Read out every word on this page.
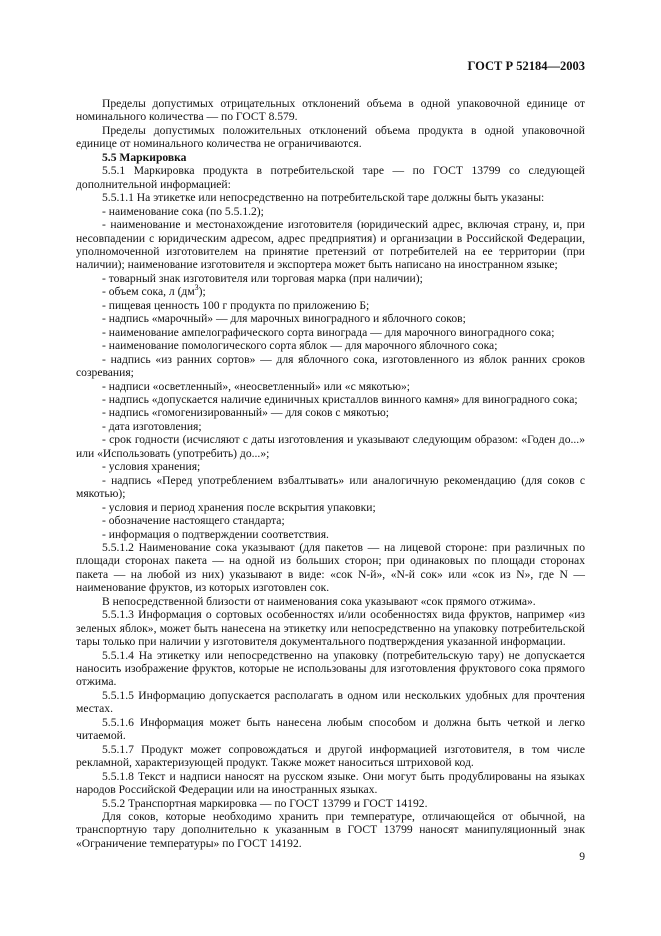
ГОСТ Р 52184—2003

Пределы допустимых отрицательных отклонений объема в одной упаковочной единице от номинального количества — по ГОСТ 8.579.

Пределы допустимых положительных отклонений объема продукта в одной упаковочной единице от номинального количества не ограничиваются.

5.5 Маркировка

5.5.1 Маркировка продукта в потребительской таре — по ГОСТ 13799 со следующей дополнительной информацией:

5.5.1.1 На этикетке или непосредственно на потребительской таре должны быть указаны:

- наименование сока (по 5.5.1.2);

- наименование и местонахождение изготовителя (юридический адрес, включая страну, и, при несовпадении с юридическим адресом, адрес предприятия) и организации в Российской Федерации, уполномоченной изготовителем на принятие претензий от потребителей на ее территории (при наличии); наименование изготовителя и экспортера может быть написано на иностранном языке;

- товарный знак изготовителя или торговая марка (при наличии);

- объем сока, л $(дм^3)$;

- пищевая ценность 100 г продукта по приложению Б;

- надпись «марочный» — для марочных виноградного и яблочного соков;

- наименование ампелографического сорта винограда — для марочного виноградного сока;

- наименование помологического сорта яблок — для марочного яблочного сока;

- надпись «из ранних сортов» — для яблочного сока, изготовленного из яблок ранних сроков созревания;

- надписи «осветленный», «неосветленный» или «с мякотью»;

- надпись «допускается наличие единичных кристаллов винного камня» для виноградного сока;

- надпись «гомогенизированный» — для соков с мякотью;

- дата изготовления;

- срок годности (исчисляют с даты изготовления и указывают следующим образом: «Годен до...» или «Использовать (употребить) до...»;

- условия хранения;

- надпись «Перед употреблением взбалтывать» или аналогичную рекомендацию (для соков с мякотью);

- условия и период хранения после вскрытия упаковки;

- обозначение настоящего стандарта;

- информация о подтверждении соответствия.

5.5.1.2 Наименование сока указывают (для пакетов — на лицевой стороне: при различных по площади сторонах пакета — на одной из больших сторон; при одинаковых по площади сторонах пакета — на любой из них) указывают в виде: «сок N-й», «N-й сок» или «сок из N», где N — наименование фруктов, из которых изготовлен сок.

В непосредственной близости от наименования сока указывают «сок прямого отжима».

5.5.1.3 Информация о сортовых особенностях и/или особенностях вида фруктов, например «из зеленых яблок», может быть нанесена на этикетку или непосредственно на упаковку потребительской тары только при наличии у изготовителя документального подтверждения указанной информации.

5.5.1.4 На этикетку или непосредственно на упаковку (потребительскую тару) не допускается наносить изображение фруктов, которые не использованы для изготовления фруктового сока прямого отжима.

5.5.1.5 Информацию допускается располагать в одном или нескольких удобных для прочтения местах.

5.5.1.6 Информация может быть нанесена любым способом и должна быть четкой и легко читаемой.

5.5.1.7 Продукт может сопровождаться и другой информацией изготовителя, в том числе рекламной, характеризующей продукт. Также может наноситься штриховой код.

5.5.1.8 Текст и надписи наносят на русском языке. Они могут быть продублированы на языках народов Российской Федерации или на иностранных языках.

5.5.2 Транспортная маркировка — по ГОСТ 13799 и ГОСТ 14192.

Для соков, которые необходимо хранить при температуре, отличающейся от обычной, на транспортную тару дополнительно к указанным в ГОСТ 13799 наносят манипуляционный знак «Ограничение температуры» по ГОСТ 14192.

9
